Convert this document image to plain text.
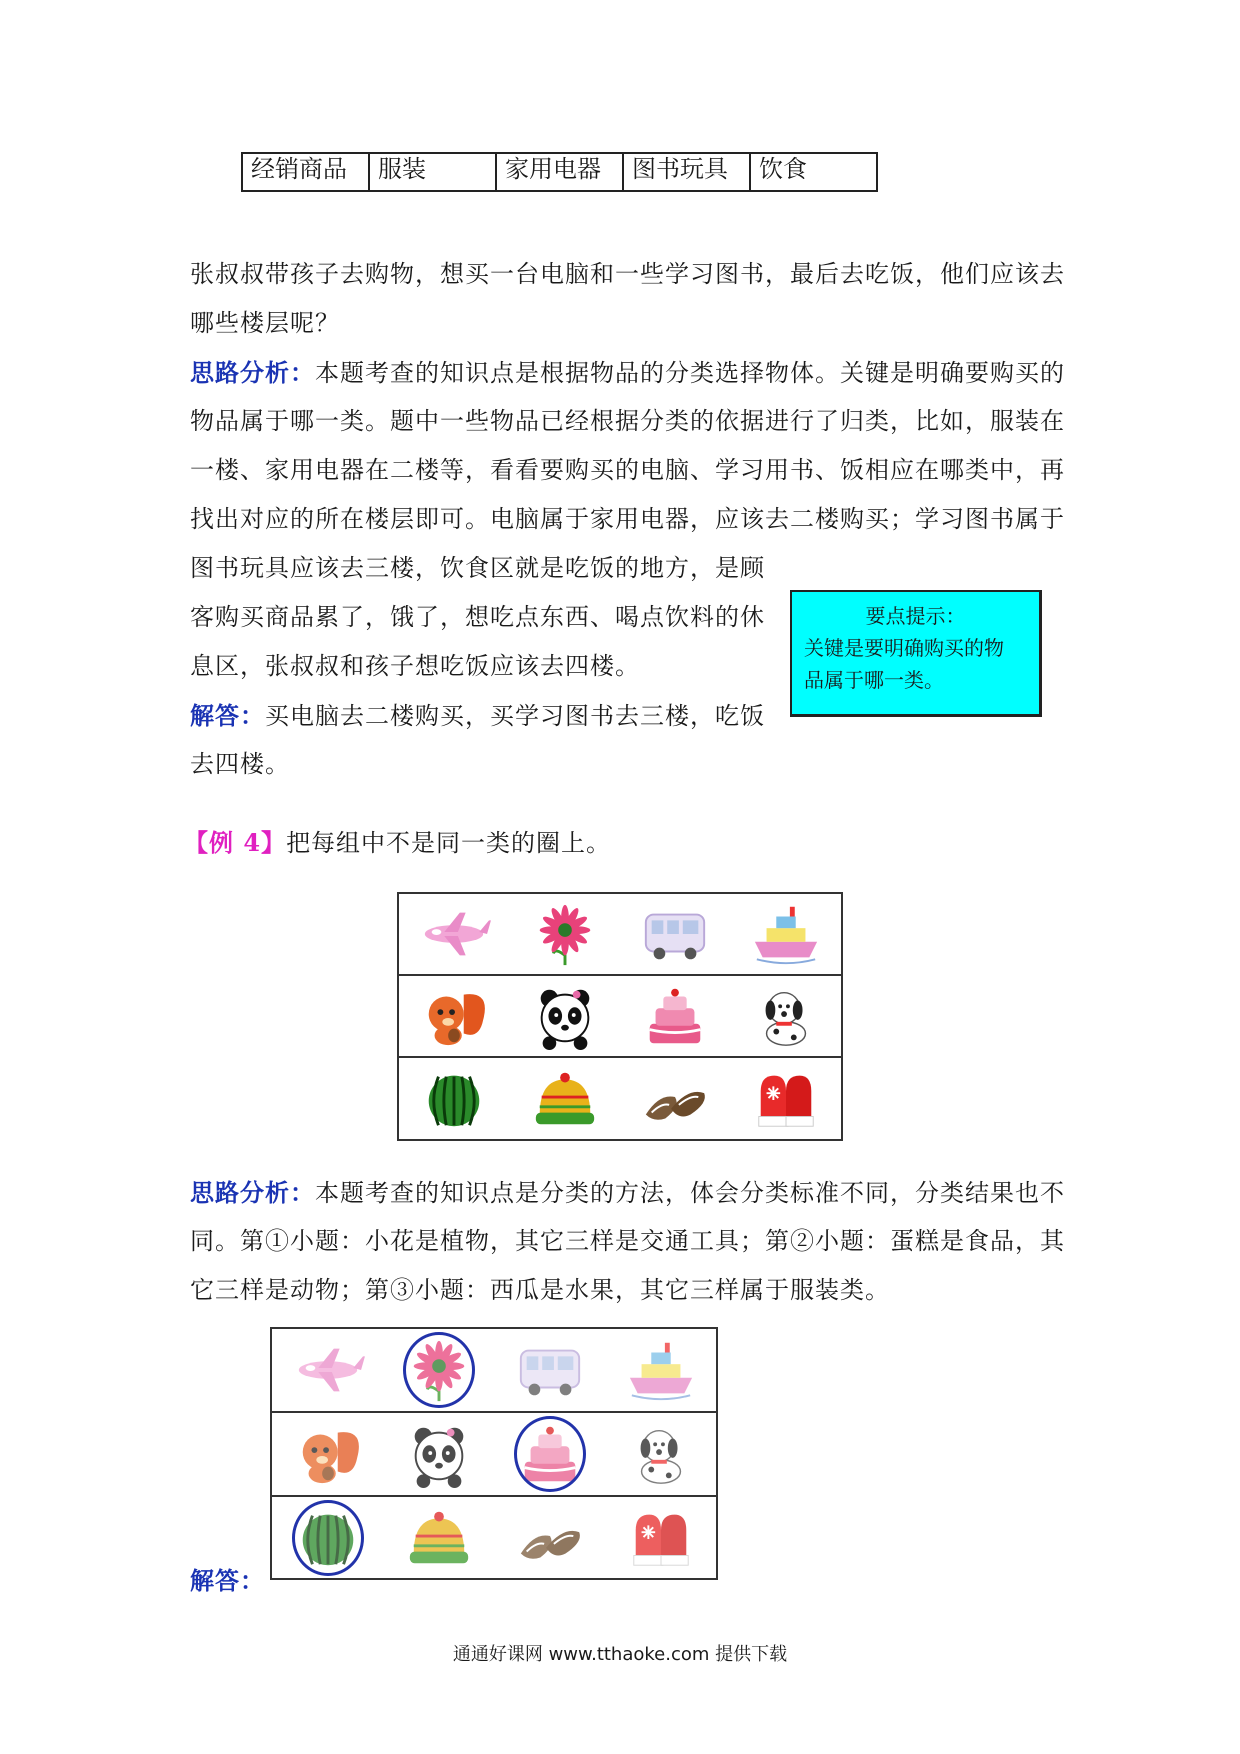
经销商品	服装	家用电器	图书玩具	饮食
张叔叔带孩子去购物，想买一台电脑和一些学习图书，最后去吃饭，他们应该去
哪些楼层呢？
思路分析：本题考查的知识点是根据物品的分类选择物体。关键是明确要购买的
物品属于哪一类。题中一些物品已经根据分类的依据进行了归类，比如，服装在
一楼、家用电器在二楼等，看看要购买的电脑、学习用书、饭相应在哪类中，再
找出对应的所在楼层即可。电脑属于家用电器，应该去二楼购买；学习图书属于
图书玩具应该去三楼，饮食区就是吃饭的地方，是顾
客购买商品累了，饿了，想吃点东西、喝点饮料的休
息区，张叔叔和孩子想吃饭应该去四楼。
解答：买电脑去二楼购买，买学习图书去三楼，吃饭
去四楼。
要点提示：
关键是要明确购买的物
品属于哪一类。
【例 4】把每组中不是同一类的圈上。
思路分析：本题考查的知识点是分类的方法，体会分类标准不同，分类结果也不
同。第①小题：小花是植物，其它三样是交通工具；第②小题：蛋糕是食品，其
它三样是动物；第③小题：西瓜是水果，其它三样属于服装类。
解答：
通通好课网 www.tthaoke.com 提供下载
